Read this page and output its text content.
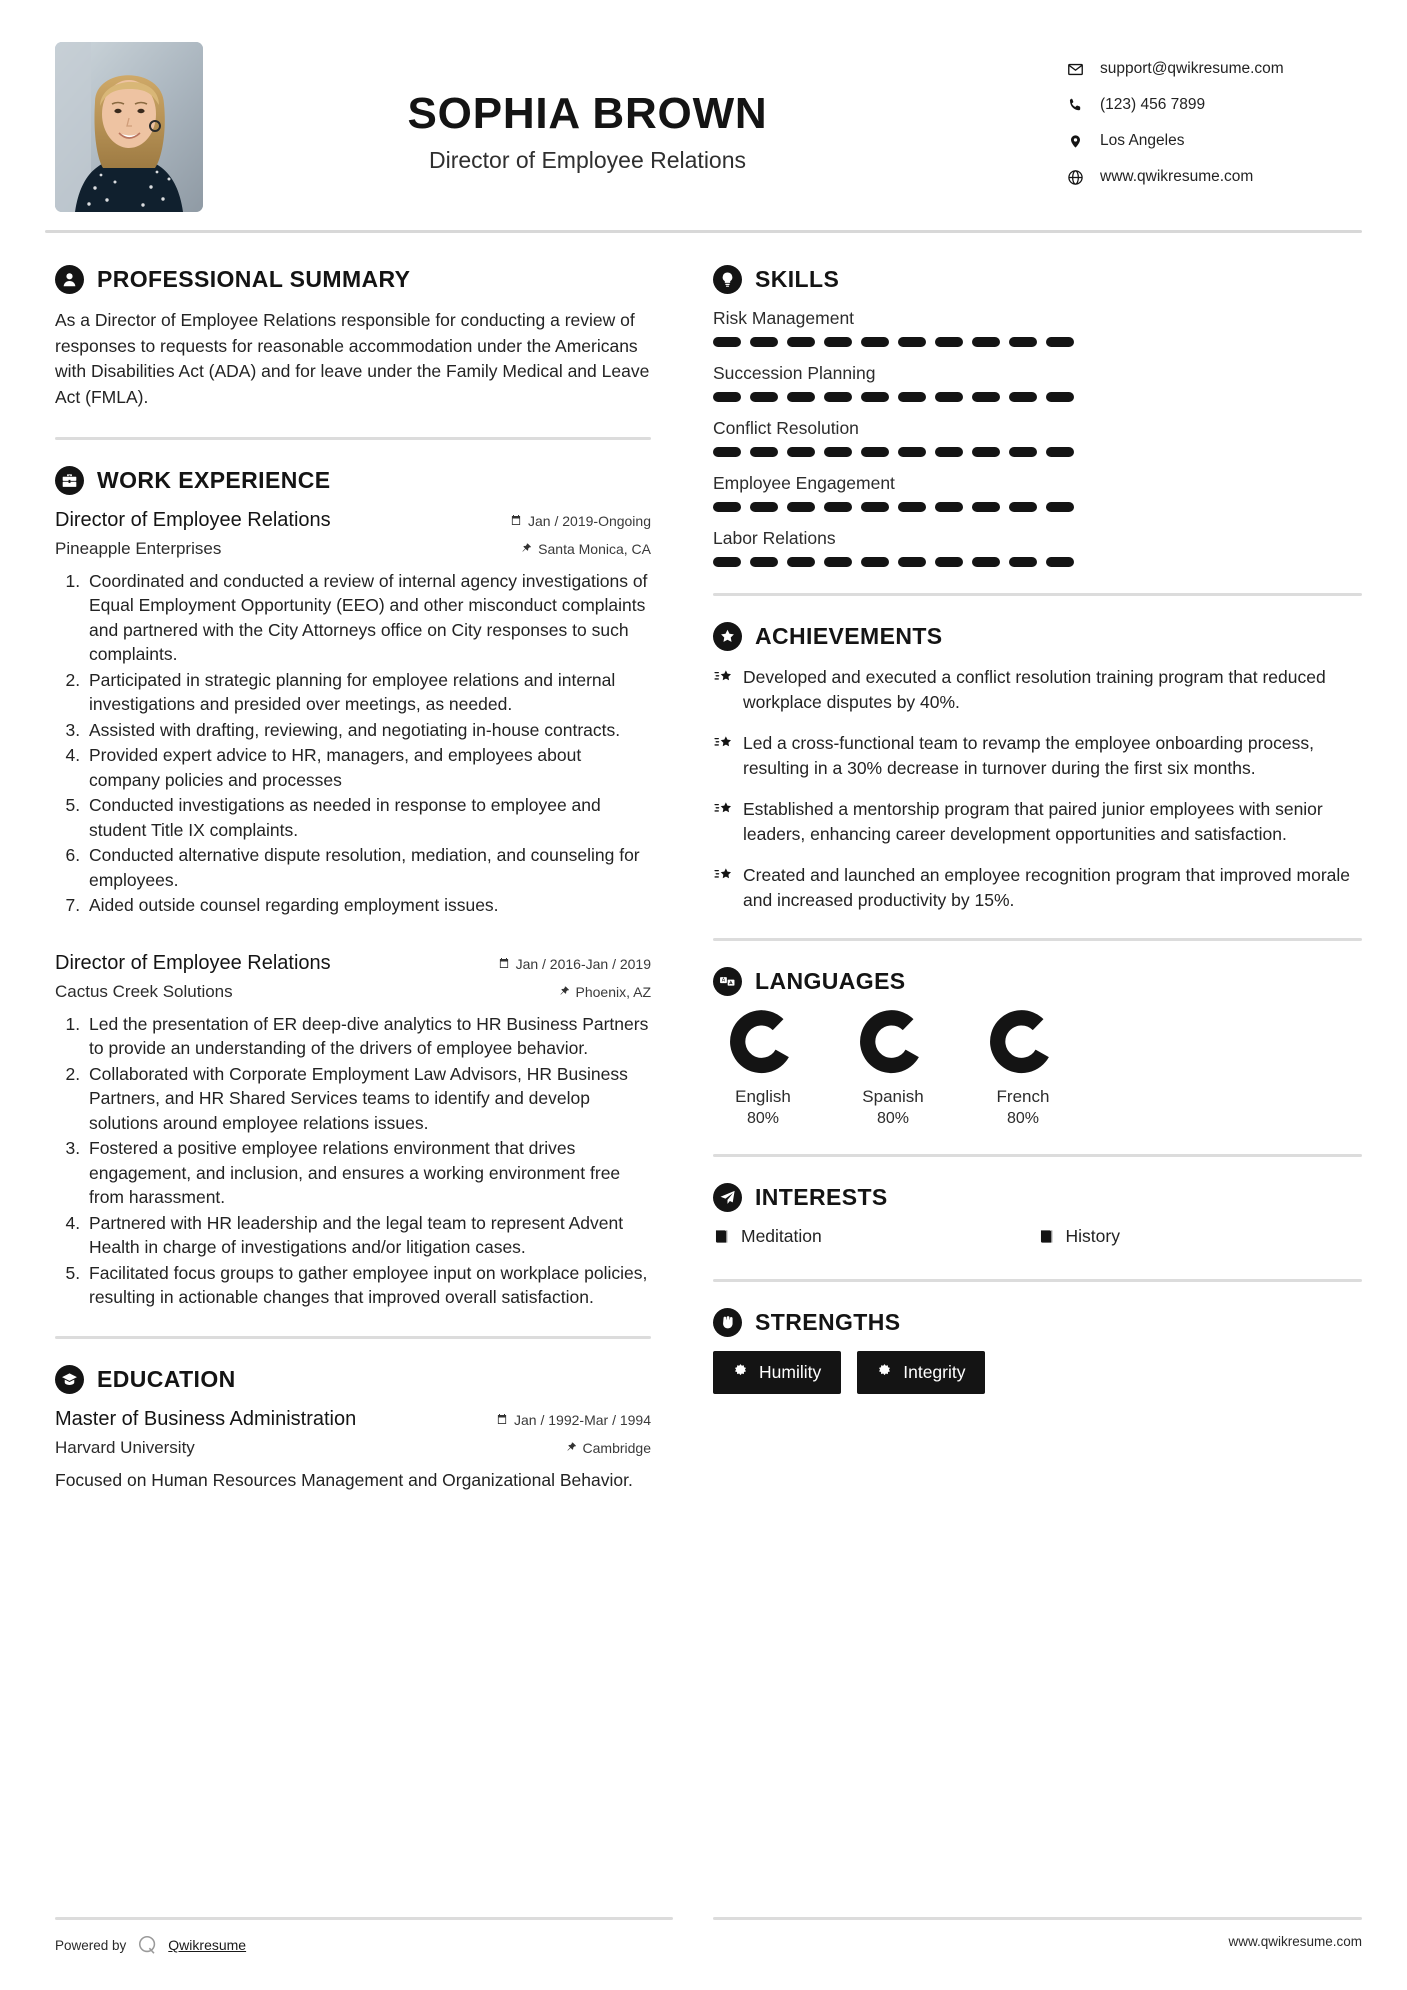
SOPHIA BROWN
Director of Employee Relations
support@qwikresume.com
(123) 456 7899
Los Angeles
www.qwikresume.com
PROFESSIONAL SUMMARY
As a Director of Employee Relations responsible for conducting a review of responses to requests for reasonable accommodation under the Americans with Disabilities Act (ADA) and for leave under the Family Medical and Leave Act (FMLA).
WORK EXPERIENCE
Director of Employee Relations	Jan / 2019-Ongoing
Pineapple Enterprises	Santa Monica, CA
1. Coordinated and conducted a review of internal agency investigations of Equal Employment Opportunity (EEO) and other misconduct complaints and partnered with the City Attorneys office on City responses to such complaints.
2. Participated in strategic planning for employee relations and internal investigations and presided over meetings, as needed.
3. Assisted with drafting, reviewing, and negotiating in-house contracts.
4. Provided expert advice to HR, managers, and employees about company policies and processes
5. Conducted investigations as needed in response to employee and student Title IX complaints.
6. Conducted alternative dispute resolution, mediation, and counseling for employees.
7. Aided outside counsel regarding employment issues.
Director of Employee Relations	Jan / 2016-Jan / 2019
Cactus Creek Solutions	Phoenix, AZ
1. Led the presentation of ER deep-dive analytics to HR Business Partners to provide an understanding of the drivers of employee behavior.
2. Collaborated with Corporate Employment Law Advisors, HR Business Partners, and HR Shared Services teams to identify and develop solutions around employee relations issues.
3. Fostered a positive employee relations environment that drives engagement, and inclusion, and ensures a working environment free from harassment.
4. Partnered with HR leadership and the legal team to represent Advent Health in charge of investigations and/or litigation cases.
5. Facilitated focus groups to gather employee input on workplace policies, resulting in actionable changes that improved overall satisfaction.
EDUCATION
Master of Business Administration	Jan / 1992-Mar / 1994
Harvard University	Cambridge
Focused on Human Resources Management and Organizational Behavior.
SKILLS
Risk Management
Succession Planning
Conflict Resolution
Employee Engagement
Labor Relations
ACHIEVEMENTS
Developed and executed a conflict resolution training program that reduced workplace disputes by 40%.
Led a cross-functional team to revamp the employee onboarding process, resulting in a 30% decrease in turnover during the first six months.
Established a mentorship program that paired junior employees with senior leaders, enhancing career development opportunities and satisfaction.
Created and launched an employee recognition program that improved morale and increased productivity by 15%.
A LANGUAGES
English
80%
Spanish
80%
French
80%
INTERESTS
Meditation	History
STRENGTHS
Humility	Integrity
Powered by	Qwikresume	www.qwikresume.com
